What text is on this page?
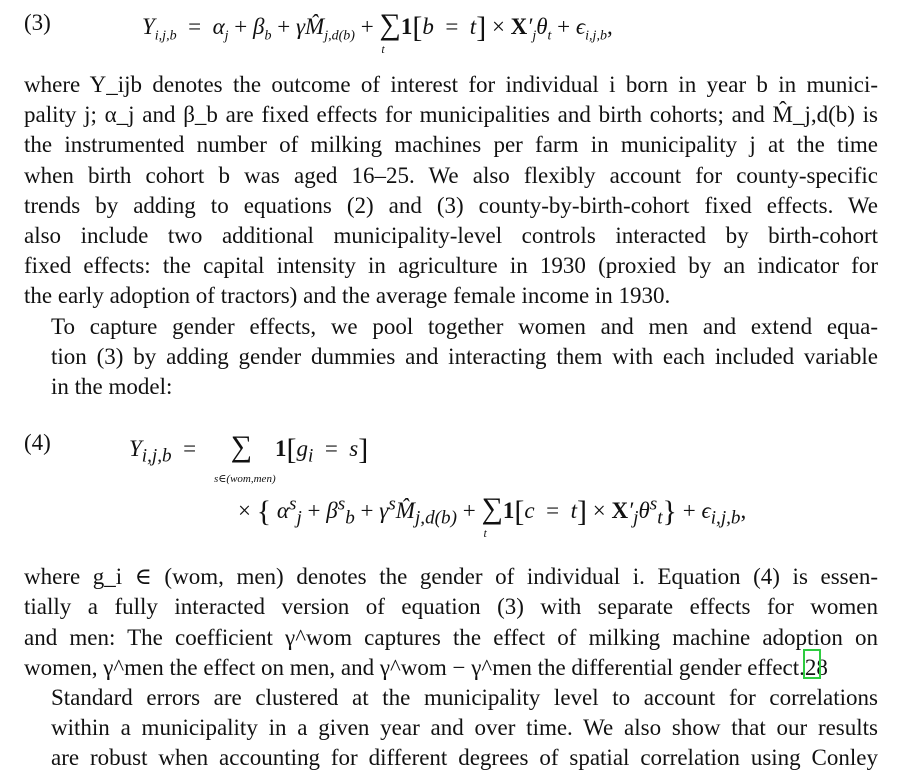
(3)	$Y_{i,j,b} = \alpha_j + \beta_b$ + $\gamma M̂_{j,d(b)}$ + ∑
t
$1[b = t] \times X'_j\theta_t + \epsilon_{i,j,b}$,

where Y_ijb denotes the outcome of interest for individual i born in year b in munici-
pality j; α_j and β_b are fixed effects for municipalities and birth cohorts; and M̂_j,d(b) is
the instrumented number of milking machines per farm in municipality j at the time
when birth cohort b was aged 16–25. We also flexibly account for county-specific
trends by adding to equations (2) and (3) county-by-birth-cohort fixed effects. We
also include two additional municipality-level controls interacted by birth-cohort
fixed effects: the capital intensity in agriculture in 1930 (proxied by an indicator for
the early adoption of tractors) and the average female income in 1930.

To capture gender effects, we pool together women and men and extend equa-
tion (3) by adding gender dummies and interacting them with each included variable
in the model:

(4)	$Y_{i,j,b}$ = ∑ $1[g_i = s]$
s∈(wom,men)
× { $\alpha^s_j + \beta^s_b$ + $\gamma^sM̂_{j,d(b)}$ + ∑
t
$1[c = t] \times X'_j\theta^s_t\} + \epsilon_{i,j,b}$,

where g_i ∈ (wom, men) denotes the gender of individual i. Equation (4) is essen-
tially a fully interacted version of equation (3) with separate effects for women
and men: The coefficient γ^wom captures the effect of milking machine adoption on
women, γ^men the effect on men, and γ^wom − γ^men the differential gender effect.
28

Standard errors are clustered at the municipality level to account for correlations
within a municipality in a given year and over time. We also show that our results
are robust when accounting for different degrees of spatial correlation using Conley
